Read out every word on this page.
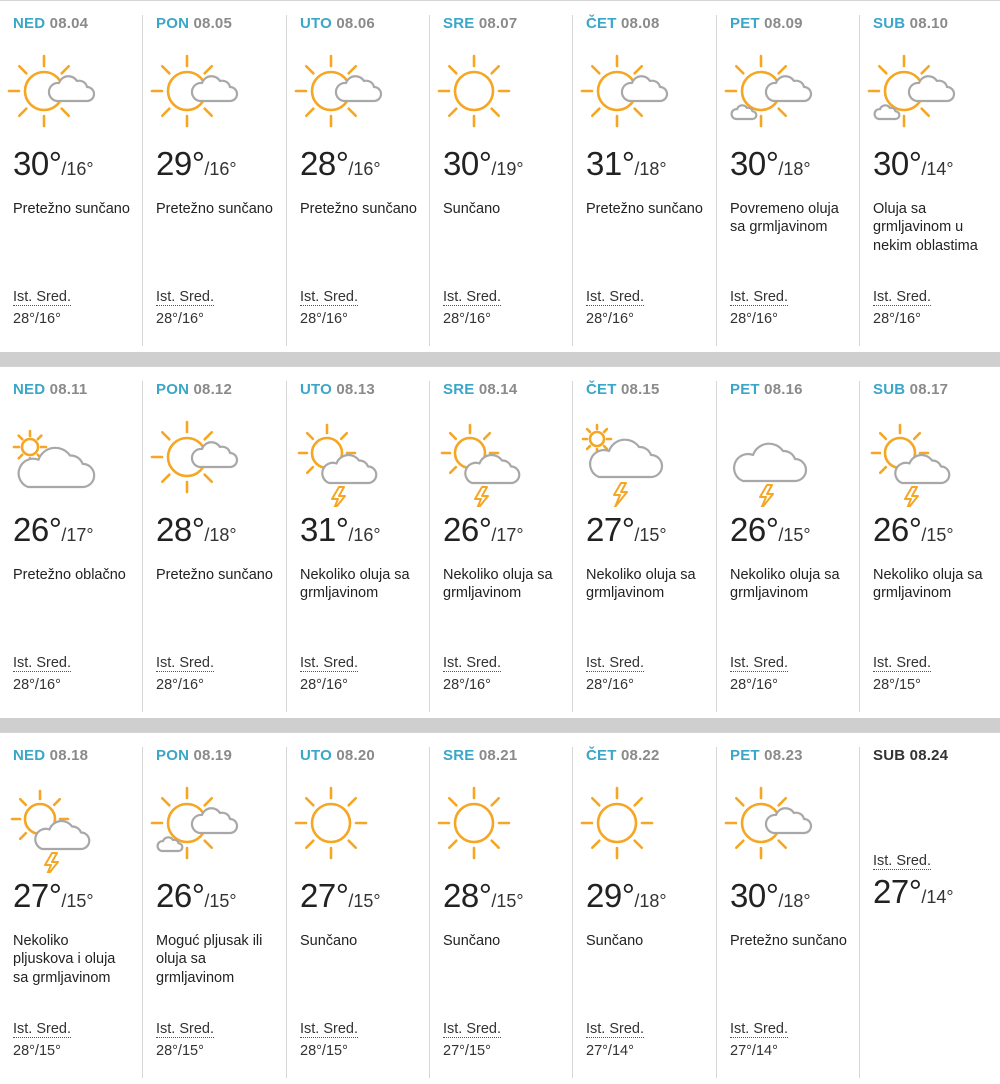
NED 08.04
30°/16°
Pretežno sunčano
Ist. Sred.
28°/16°
PON 08.05
29°/16°
Pretežno sunčano
Ist. Sred.
28°/16°
UTO 08.06
28°/16°
Pretežno sunčano
Ist. Sred.
28°/16°
SRE 08.07
30°/19°
Sunčano
Ist. Sred.
28°/16°
ČET 08.08
31°/18°
Pretežno sunčano
Ist. Sred.
28°/16°
PET 08.09
30°/18°
Povremeno oluja sa grmljavinom
Ist. Sred.
28°/16°
SUB 08.10
30°/14°
Oluja sa grmljavinom u nekim oblastima
Ist. Sred.
28°/16°
NED 08.11
26°/17°
Pretežno oblačno
Ist. Sred.
28°/16°
PON 08.12
28°/18°
Pretežno sunčano
Ist. Sred.
28°/16°
UTO 08.13
31°/16°
Nekoliko oluja sa grmljavinom
Ist. Sred.
28°/16°
SRE 08.14
26°/17°
Nekoliko oluja sa grmljavinom
Ist. Sred.
28°/16°
ČET 08.15
27°/15°
Nekoliko oluja sa grmljavinom
Ist. Sred.
28°/16°
PET 08.16
26°/15°
Nekoliko oluja sa grmljavinom
Ist. Sred.
28°/16°
SUB 08.17
26°/15°
Nekoliko oluja sa grmljavinom
Ist. Sred.
28°/15°
NED 08.18
27°/15°
Nekoliko pljuskova i oluja sa grmljavinom
Ist. Sred.
28°/15°
PON 08.19
26°/15°
Moguć pljusak ili oluja sa grmljavinom
Ist. Sred.
28°/15°
UTO 08.20
27°/15°
Sunčano
Ist. Sred.
28°/15°
SRE 08.21
28°/15°
Sunčano
Ist. Sred.
27°/15°
ČET 08.22
29°/18°
Sunčano
Ist. Sred.
27°/14°
PET 08.23
30°/18°
Pretežno sunčano
Ist. Sred.
27°/14°
SUB 08.24
27°/14°
Ist. Sred.
